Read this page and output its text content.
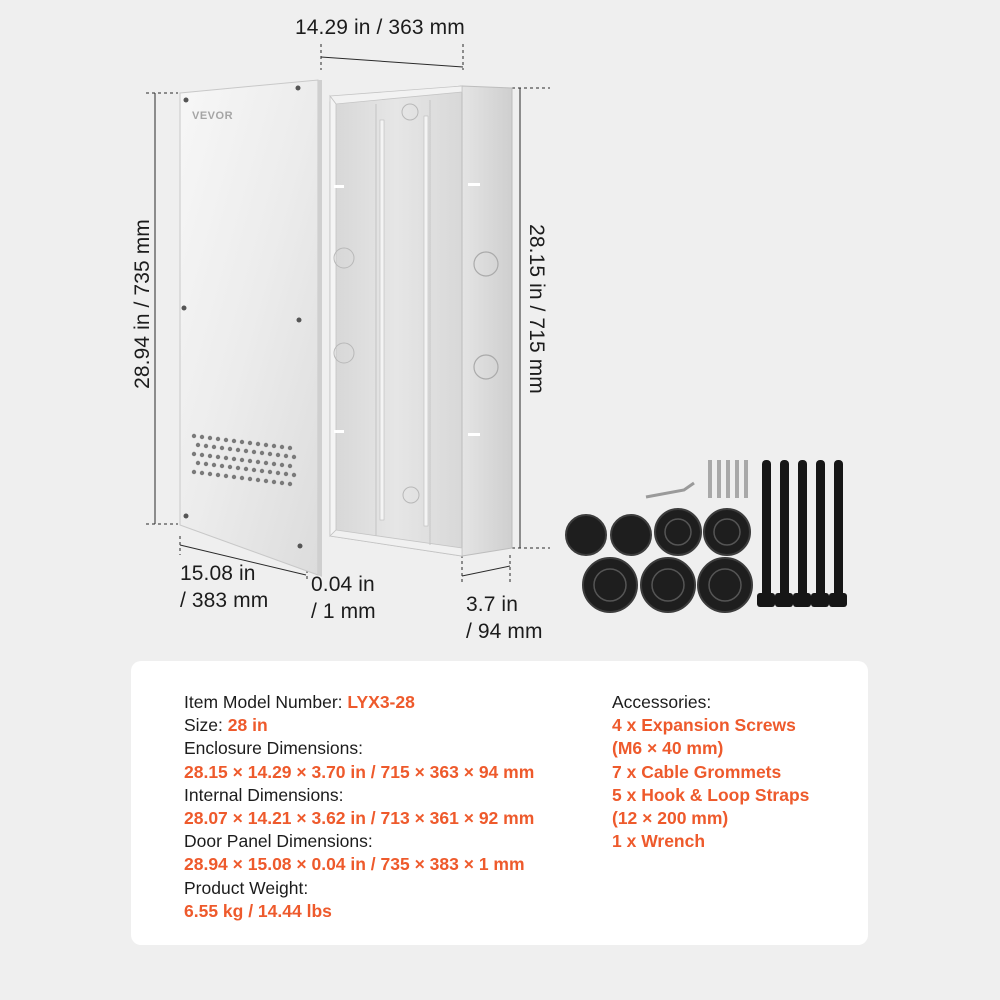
VEVOR
14.29 in / 363 mm
28.94 in / 735 mm	28.15 in / 715 mm
15.08 in
/ 383 mm
0.04 in
/ 1 mm	3.7 in
/ 94 mm
Item Model Number: LYX3-28
Size: 28 in
Enclosure Dimensions:
28.15 × 14.29 × 3.70 in / 715 × 363 × 94 mm
Internal Dimensions:
28.07 × 14.21 × 3.62 in / 713 × 361 × 92 mm
Door Panel Dimensions:
28.94 × 15.08 × 0.04 in / 735 × 383 × 1 mm
Product Weight:
6.55 kg / 14.44 lbs
Accessories:
4 x Expansion Screws
(M6 × 40 mm)
7 x Cable Grommets
5 x Hook & Loop Straps
(12 × 200 mm)
1 x Wrench
